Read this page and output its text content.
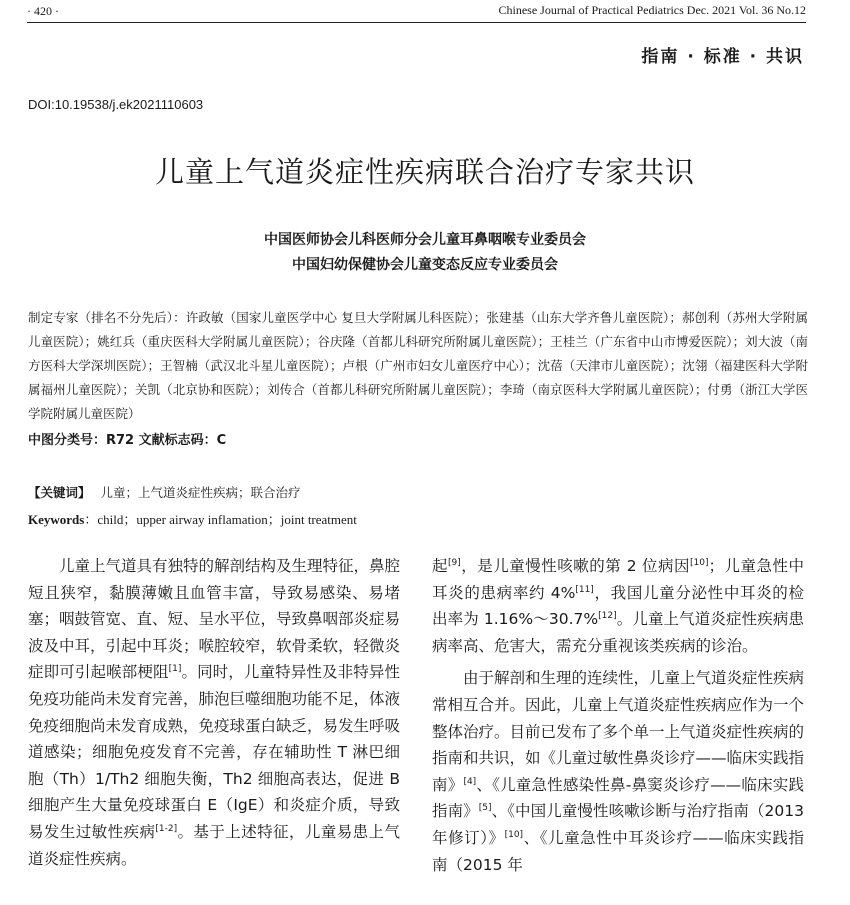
· 420 ·	Chinese Journal of Practical Pediatrics Dec. 2021 Vol. 36 No.12
指南 · 标准 · 共识
DOI:10.19538/j.ek2021110603
儿童上气道炎症性疾病联合治疗专家共识
中国医师协会儿科医师分会儿童耳鼻咽喉专业委员会
中国妇幼保健协会儿童变态反应专业委员会
制定专家（排名不分先后）：许政敏（国家儿童医学中心 复旦大学附属儿科医院）；张建基（山东大学齐鲁儿童医院）；郝创利（苏州大学附属儿童医院）；姚红兵（重庆医科大学附属儿童医院）；谷庆隆（首都儿科研究所附属儿童医院）；王桂兰（广东省中山市博爱医院）；刘大波（南方医科大学深圳医院）；王智楠（武汉北斗星儿童医院）；卢根（广州市妇女儿童医疗中心）；沈蓓（天津市儿童医院）；沈翎（福建医科大学附属福州儿童医院）；关凯（北京协和医院）；刘传合（首都儿科研究所附属儿童医院）；李琦（南京医科大学附属儿童医院）；付勇（浙江大学医学院附属儿童医院）
中图分类号：R72 文献标志码：C
【关键词】 儿童；上气道炎症性疾病；联合治疗
Keywords：child；upper airway inflamation；joint treatment

儿童上气道具有独特的解剖结构及生理特征，鼻腔短且狭窄，黏膜薄嫩且血管丰富，导致易感染、易堵塞；咽鼓管宽、直、短、呈水平位，导致鼻咽部炎症易波及中耳，引起中耳炎；喉腔较窄，软骨柔软，轻微炎症即可引起喉部梗阻[1]。同时，儿童特异性及非特异性免疫功能尚未发育完善，肺泡巨噬细胞功能不足，体液免疫细胞尚未发育成熟，免疫球蛋白缺乏，易发生呼吸道感染；细胞免疫发育不完善，存在辅助性 T 淋巴细胞（Th）1/Th2 细胞失衡，Th2 细胞高表达，促进 B 细胞产生大量免疫球蛋白 E（IgE）和炎症介质，导致易发生过敏性疾病[1-2]。基于上述特征，儿童易患上气道炎症性疾病。

起[9]，是儿童慢性咳嗽的第 2 位病因[10]；儿童急性中耳炎的患病率约 4%[11]，我国儿童分泌性中耳炎的检出率为 1.16%～30.7%[12]。儿童上气道炎症性疾病患病率高、危害大，需充分重视该类疾病的诊治。

由于解剖和生理的连续性，儿童上气道炎症性疾病常相互合并。因此，儿童上气道炎症性疾病应作为一个整体治疗。目前已发布了多个单一上气道炎症性疾病的指南和共识，如《儿童过敏性鼻炎诊疗——临床实践指南》[4]、《儿童急性感染性鼻-鼻窦炎诊疗——临床实践指南》[5]、《中国儿童慢性咳嗽诊断与治疗指南（2013 年修订）》[10]、《儿童急性中耳炎诊疗——临床实践指南（2015 年
